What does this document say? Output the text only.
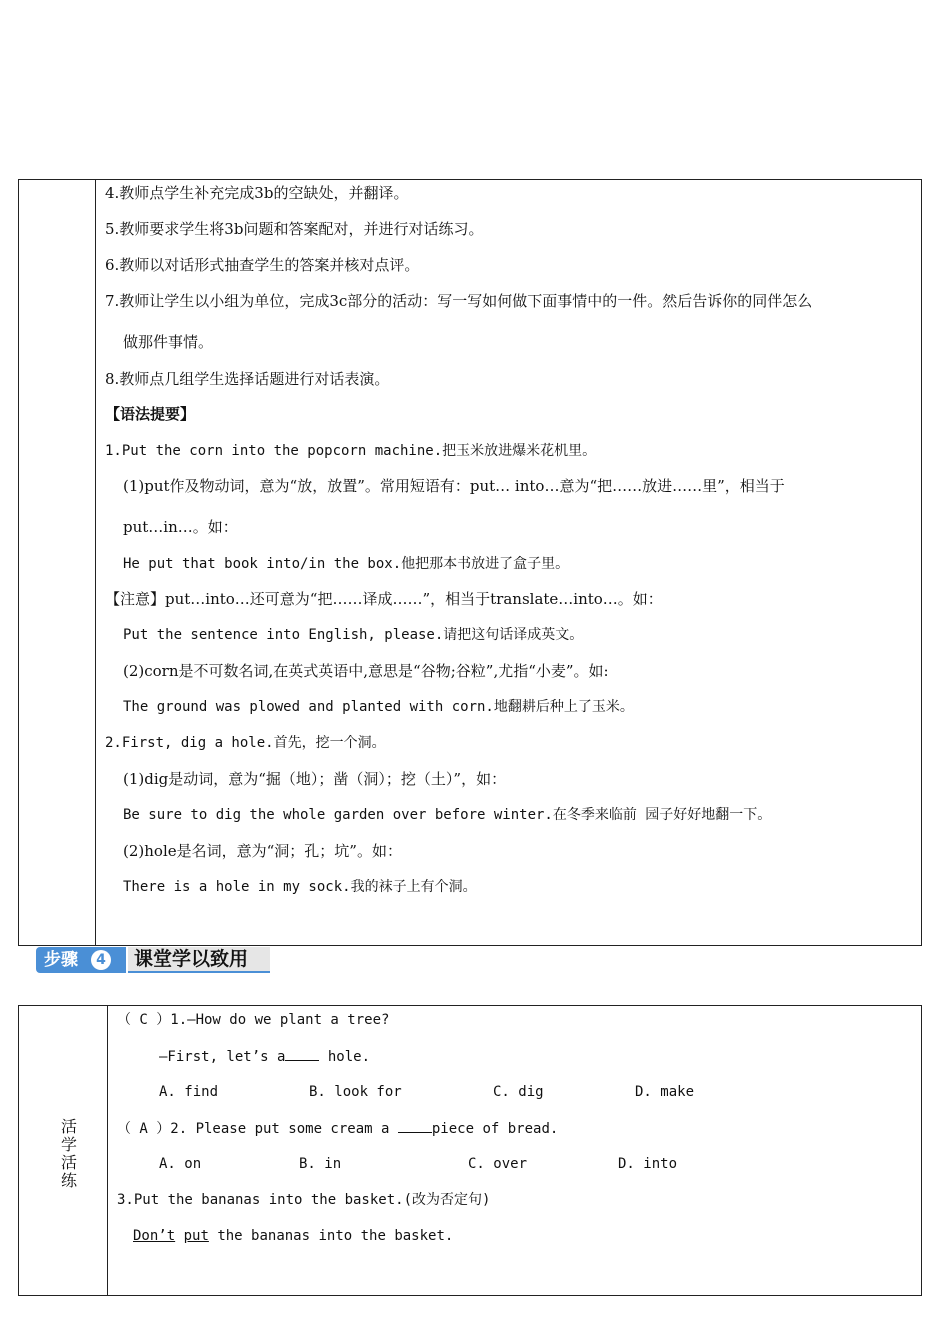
4.教师点学生补充完成3b的空缺处，并翻译。
5.教师要求学生将3b问题和答案配对，并进行对话练习。
6.教师以对话形式抽查学生的答案并核对点评。
7.教师让学生以小组为单位，完成3c部分的活动：写一写如何做下面事情中的一件。然后告诉你的同伴怎么
做那件事情。
8.教师点几组学生选择话题进行对话表演。
【语法提要】
1.Put the corn into the popcorn machine.把玉米放进爆米花机里。
(1)put作及物动词，意为“放，放置”。常用短语有：put… into…意为“把……放进……里”，相当于
put…in…。如：
He put that book into/in the box.他把那本书放进了盒子里。
【注意】put…into…还可意为“把……译成……”，相当于translate…into…。如：
Put the sentence into English, please.请把这句话译成英文。
(2)corn是不可数名词,在英式英语中,意思是“谷物;谷粒”,尤指“小麦”。如:
The ground was plowed and planted with corn.地翻耕后种上了玉米。
2.First, dig a hole.首先，挖一个洞。
(1)dig是动词，意为“掘（地）；凿（洞）；挖（土）”，如：
Be sure to dig the whole garden over before winter.在冬季来临前 园子好好地翻一下。
(2)hole是名词，意为“洞；孔；坑”。如：
There is a hole in my sock.我的袜子上有个洞。
步骤	4	课堂学以致用
活学活练
（ C ）1.—How do we plant a tree?
—First, let’s a hole.
A. find	B. look for	C. dig	D. make
（ A ）2. Please put some cream a piece of bread.
A. on	B. in	C. over	D. into
3.Put the bananas into the basket.(改为否定句)
Don’t put the bananas into the basket.
